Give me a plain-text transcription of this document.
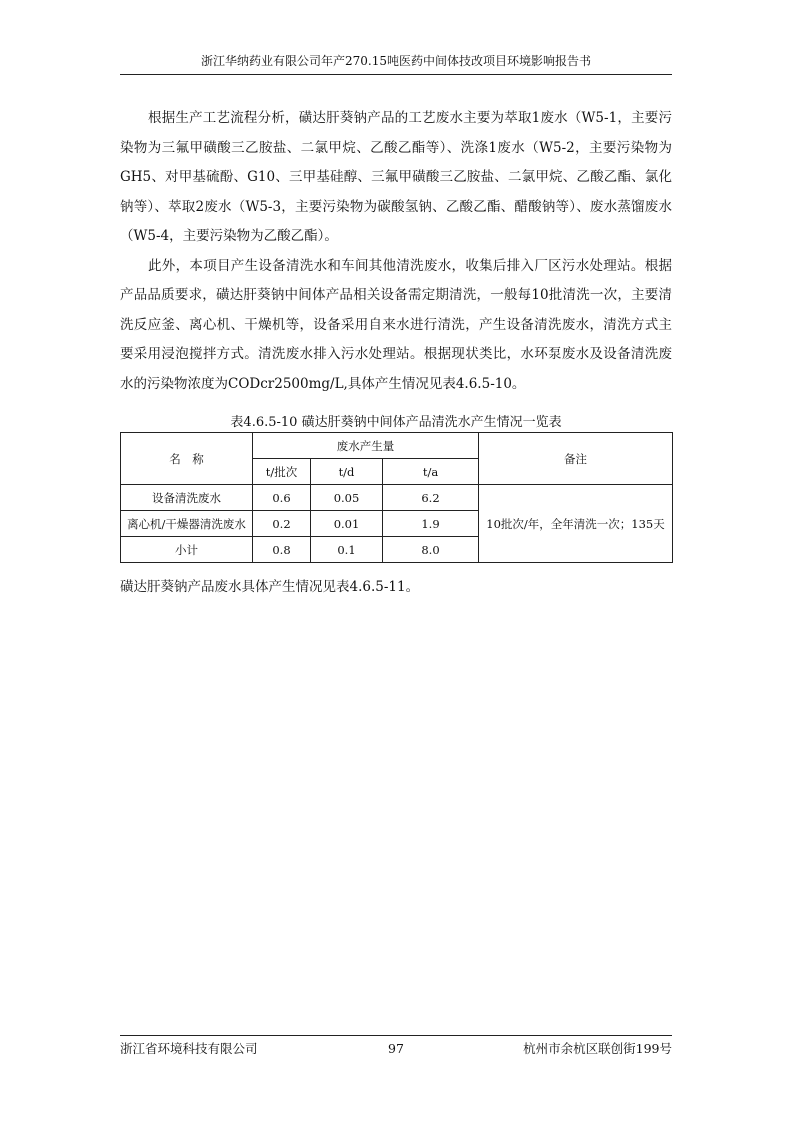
浙江华纳药业有限公司年产270.15吨医药中间体技改项目环境影响报告书

根据生产工艺流程分析，磺达肝葵钠产品的工艺废水主要为萃取1废水（W5-1，主要污染物为三氟甲磺酸三乙胺盐、二氯甲烷、乙酸乙酯等）、洗涤1废水（W5-2，主要污染物为GH5、对甲基硫酚、G10、三甲基硅醇、三氟甲磺酸三乙胺盐、二氯甲烷、乙酸乙酯、氯化钠等）、萃取2废水（W5-3，主要污染物为碳酸氢钠、乙酸乙酯、醋酸钠等）、废水蒸馏废水（W5-4，主要污染物为乙酸乙酯）。

此外，本项目产生设备清洗水和车间其他清洗废水，收集后排入厂区污水处理站。根据产品品质要求，磺达肝葵钠中间体产品相关设备需定期清洗，一般每10批清洗一次，主要清洗反应釜、离心机、干燥机等，设备采用自来水进行清洗，产生设备清洗废水，清洗方式主要采用浸泡搅拌方式。清洗废水排入污水处理站。根据现状类比，水环泵废水及设备清洗废水的污染物浓度为CODcr2500mg/L,具体产生情况见表4.6.5-10。

表4.6.5-10 磺达肝葵钠中间体产品清洗水产生情况一览表
名　称	废水产生量			备注
	t/批次	t/d	t/a	
设备清洗废水	0.6	0.05	6.2	10批次/年，全年清洗一次；135天
离心机/干燥器清洗废水	0.2	0.01	1.9	
小计	0.8	0.1	8.0	
磺达肝葵钠产品废水具体产生情况见表4.6.5-11。
浙江省环境科技有限公司	97	杭州市余杭区联创街199号
